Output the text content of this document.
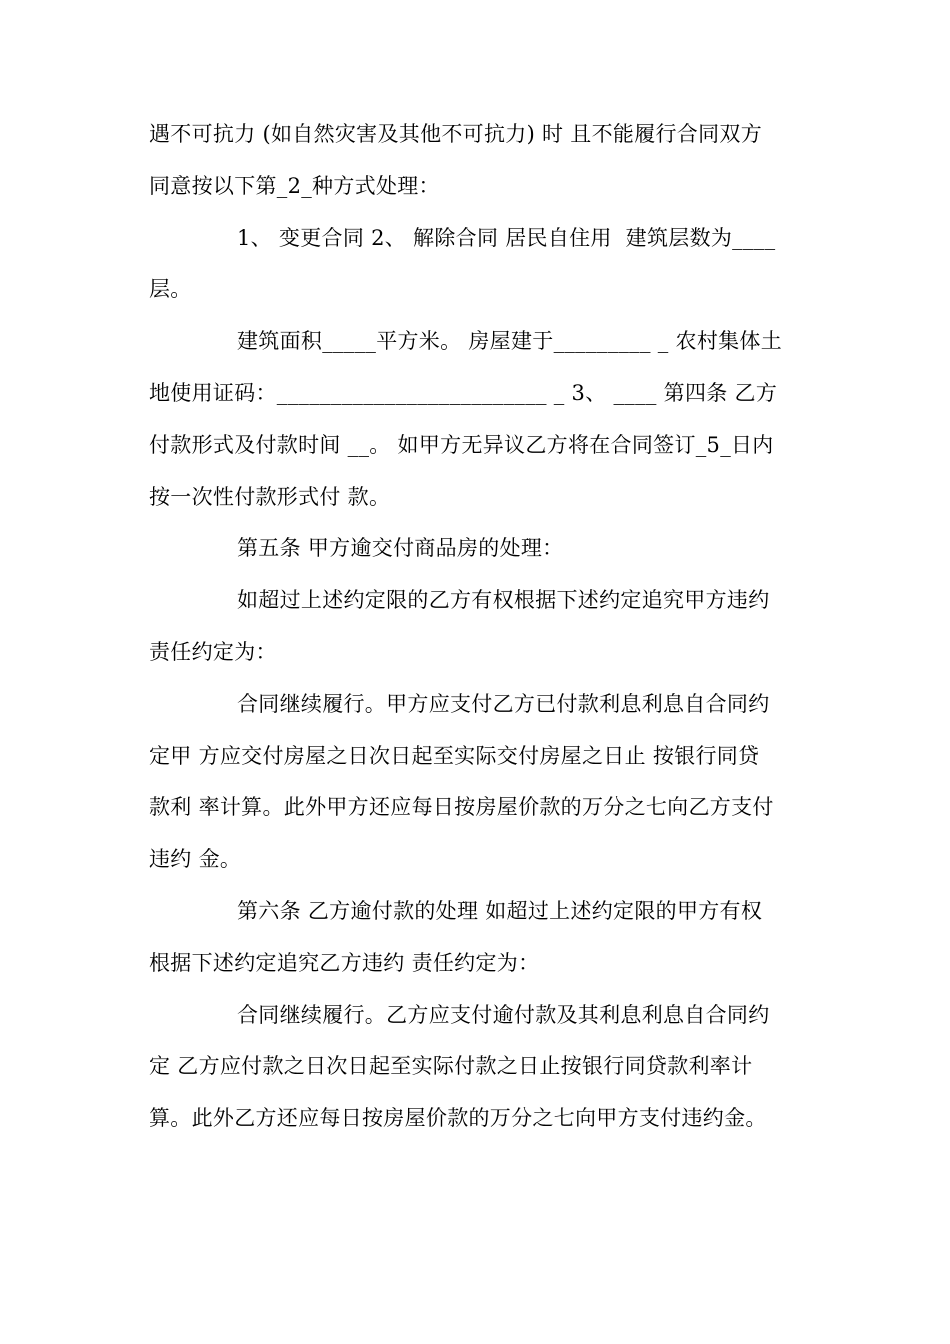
遇不可抗力 (如自然灾害及其他不可抗力) 时 且不能履行合同双方
同意按以下第_2_种方式处理：
1、 变更合同 2、 解除合同 居民自住用  建筑层数为____
层。
建筑面积_____平方米。 房屋建于_________ _ 农村集体土
地使用证码：_________________________ _ 3、 ____ 第四条 乙方
付款形式及付款时间 __。 如甲方无异议乙方将在合同签订_5_日内
按一次性付款形式付 款。
第五条 甲方逾交付商品房的处理：
如超过上述约定限的乙方有权根据下述约定追究甲方违约
责任约定为：
合同继续履行。甲方应支付乙方已付款利息利息自合同约
定甲 方应交付房屋之日次日起至实际交付房屋之日止 按银行同贷
款利 率计算。此外甲方还应每日按房屋价款的万分之七向乙方支付
违约 金。
第六条 乙方逾付款的处理 如超过上述约定限的甲方有权
根据下述约定追究乙方违约 责任约定为：
合同继续履行。乙方应支付逾付款及其利息利息自合同约
定 乙方应付款之日次日起至实际付款之日止按银行同贷款利率计
算。此外乙方还应每日按房屋价款的万分之七向甲方支付违约金。
